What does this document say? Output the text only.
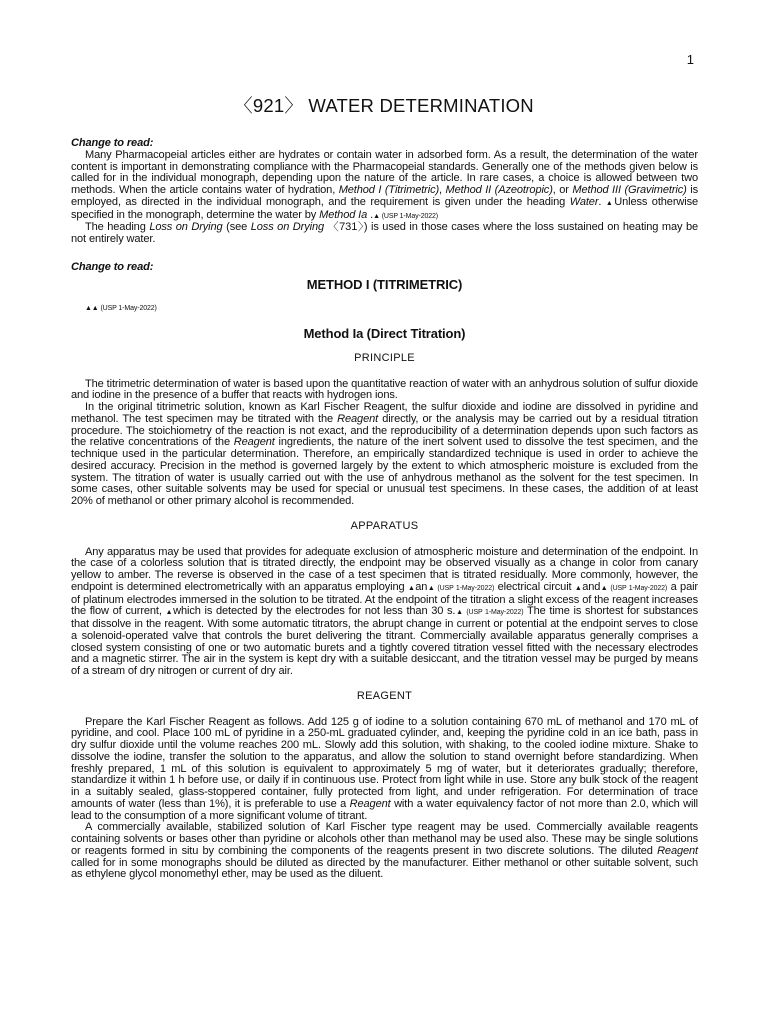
1
〈921〉 WATER DETERMINATION

Change to read:

Many Pharmacopeial articles either are hydrates or contain water in adsorbed form. As a result, the determination of the water content is important in demonstrating compliance with the Pharmacopeial standards. Generally one of the methods given below is called for in the individual monograph, depending upon the nature of the article. In rare cases, a choice is allowed between two methods. When the article contains water of hydration, Method I (Titrimetric), Method II (Azeotropic), or Method III (Gravimetric) is employed, as directed in the individual monograph, and the requirement is given under the heading Water. ▲Unless otherwise specified in the monograph, determine the water by Method Ia .▲ (USP 1-May-2022)

The heading Loss on Drying (see Loss on Drying 〈731〉) is used in those cases where the loss sustained on heating may be not entirely water.

Change to read:

METHOD I (TITRIMETRIC)

▲▲ (USP 1-May-2022)

Method Ia (Direct Titration)

PRINCIPLE

The titrimetric determination of water is based upon the quantitative reaction of water with an anhydrous solution of sulfur dioxide and iodine in the presence of a buffer that reacts with hydrogen ions.

In the original titrimetric solution, known as Karl Fischer Reagent, the sulfur dioxide and iodine are dissolved in pyridine and methanol. The test specimen may be titrated with the Reagent directly, or the analysis may be carried out by a residual titration procedure. The stoichiometry of the reaction is not exact, and the reproducibility of a determination depends upon such factors as the relative concentrations of the Reagent ingredients, the nature of the inert solvent used to dissolve the test specimen, and the technique used in the particular determination. Therefore, an empirically standardized technique is used in order to achieve the desired accuracy. Precision in the method is governed largely by the extent to which atmospheric moisture is excluded from the system. The titration of water is usually carried out with the use of anhydrous methanol as the solvent for the test specimen. In some cases, other suitable solvents may be used for special or unusual test specimens. In these cases, the addition of at least 20% of methanol or other primary alcohol is recommended.

APPARATUS

Any apparatus may be used that provides for adequate exclusion of atmospheric moisture and determination of the endpoint. In the case of a colorless solution that is titrated directly, the endpoint may be observed visually as a change in color from canary yellow to amber. The reverse is observed in the case of a test specimen that is titrated residually. More commonly, however, the endpoint is determined electrometrically with an apparatus employing ▲an▲ (USP 1-May-2022) electrical circuit ▲and▲ (USP 1-May-2022) a pair of platinum electrodes immersed in the solution to be titrated. At the endpoint of the titration a slight excess of the reagent increases the flow of current, ▲which is detected by the electrodes for not less than 30 s.▲ (USP 1-May-2022) The time is shortest for substances that dissolve in the reagent. With some automatic titrators, the abrupt change in current or potential at the endpoint serves to close a solenoid-operated valve that controls the buret delivering the titrant. Commercially available apparatus generally comprises a closed system consisting of one or two automatic burets and a tightly covered titration vessel fitted with the necessary electrodes and a magnetic stirrer. The air in the system is kept dry with a suitable desiccant, and the titration vessel may be purged by means of a stream of dry nitrogen or current of dry air.

REAGENT

Prepare the Karl Fischer Reagent as follows. Add 125 g of iodine to a solution containing 670 mL of methanol and 170 mL of pyridine, and cool. Place 100 mL of pyridine in a 250-mL graduated cylinder, and, keeping the pyridine cold in an ice bath, pass in dry sulfur dioxide until the volume reaches 200 mL. Slowly add this solution, with shaking, to the cooled iodine mixture. Shake to dissolve the iodine, transfer the solution to the apparatus, and allow the solution to stand overnight before standardizing. When freshly prepared, 1 mL of this solution is equivalent to approximately 5 mg of water, but it deteriorates gradually; therefore, standardize it within 1 h before use, or daily if in continuous use. Protect from light while in use. Store any bulk stock of the reagent in a suitably sealed, glass-stoppered container, fully protected from light, and under refrigeration. For determination of trace amounts of water (less than 1%), it is preferable to use a Reagent with a water equivalency factor of not more than 2.0, which will lead to the consumption of a more significant volume of titrant.

A commercially available, stabilized solution of Karl Fischer type reagent may be used. Commercially available reagents containing solvents or bases other than pyridine or alcohols other than methanol may be used also. These may be single solutions or reagents formed in situ by combining the components of the reagents present in two discrete solutions. The diluted Reagent called for in some monographs should be diluted as directed by the manufacturer. Either methanol or other suitable solvent, such as ethylene glycol monomethyl ether, may be used as the diluent.
